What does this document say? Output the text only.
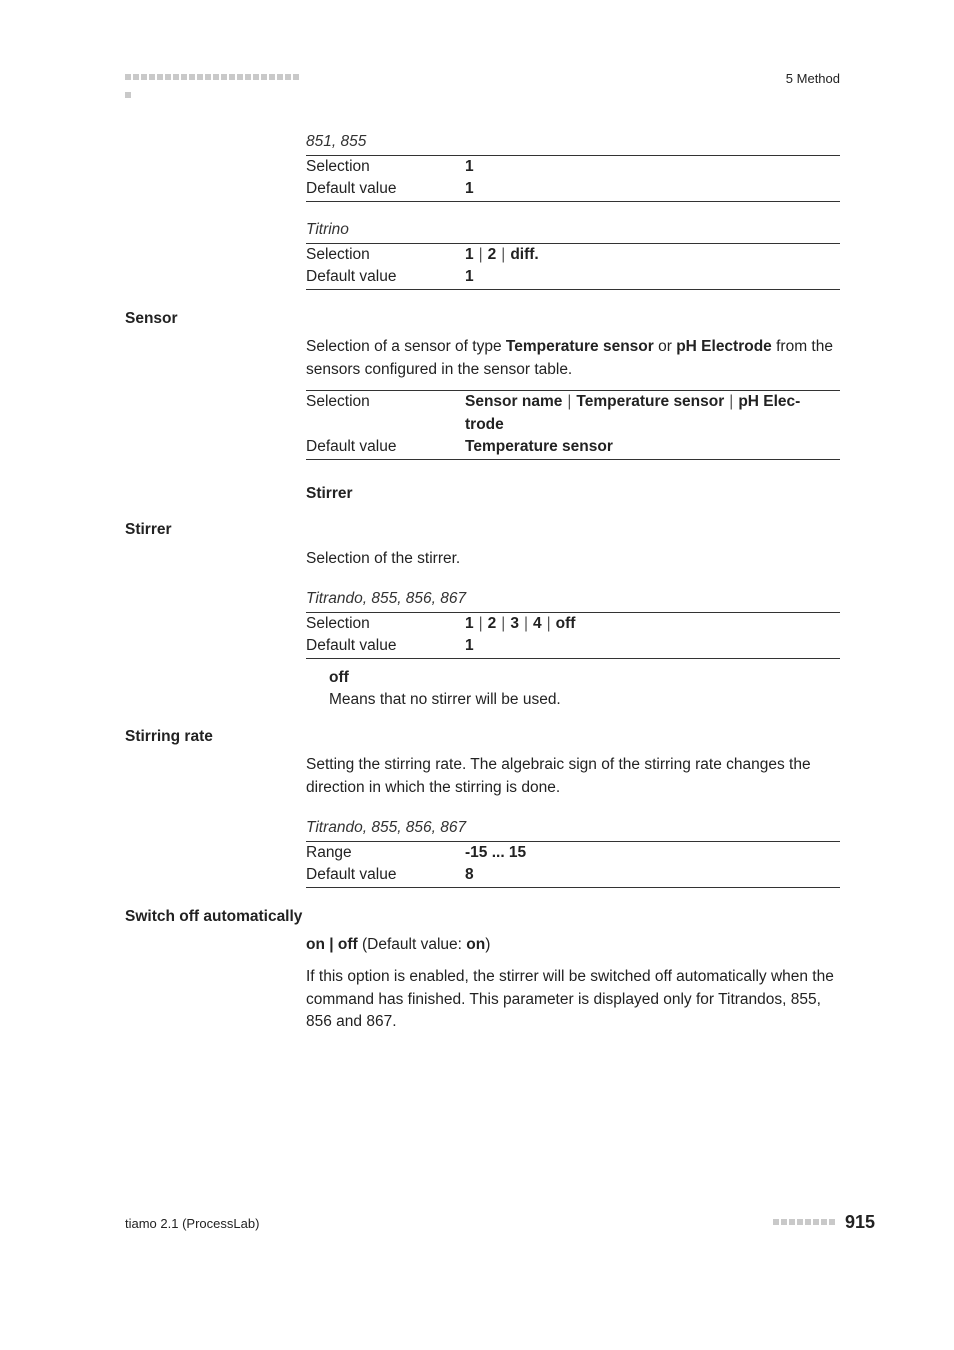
5 Method
851, 855
Selection	1
Default value	1
Titrino
Selection	1 | 2 | diff.
Default value	1
Sensor
Selection of a sensor of type Temperature sensor or pH Electrode from the sensors configured in the sensor table.
Selection	Sensor name | Temperature sensor | pH Elec-
trode
Default value	Temperature sensor
Stirrer
Stirrer
Selection of the stirrer.
Titrando, 855, 856, 867
Selection	1 | 2 | 3 | 4 | off
Default value	1
off
Means that no stirrer will be used.
Stirring rate
Setting the stirring rate. The algebraic sign of the stirring rate changes the direction in which the stirring is done.
Titrando, 855, 856, 867
Range	-15 ... 15
Default value	8
Switch off automatically
on | off (Default value: on)
If this option is enabled, the stirrer will be switched off automatically when the command has finished. This parameter is displayed only for Titrandos, 855, 856 and 867.
tiamo 2.1 (ProcessLab)	915
